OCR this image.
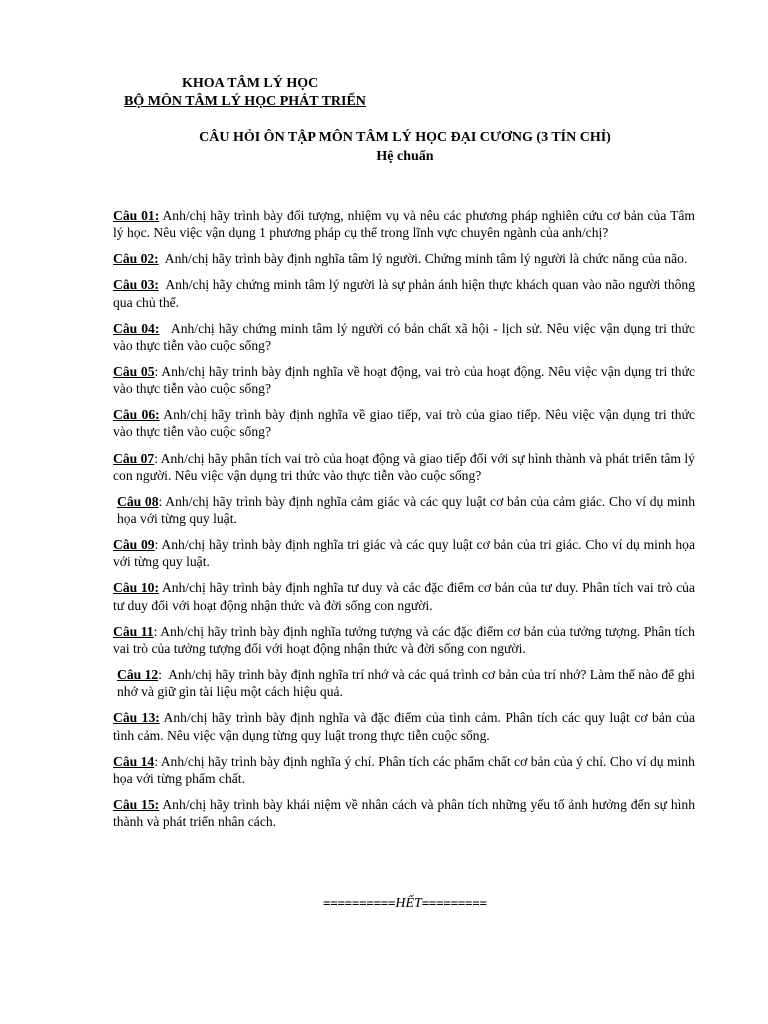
KHOA TÂM LÝ HỌC
BỘ MÔN TÂM LÝ HỌC PHÁT TRIỂN
CÂU HỎI ÔN TẬP MÔN TÂM LÝ HỌC ĐẠI CƯƠNG (3 TÍN CHỈ)
Hệ chuẩn

Câu 01: Anh/chị hãy trình bày đối tượng, nhiệm vụ và nêu các phương pháp nghiên cứu cơ bản của Tâm lý học. Nêu việc vận dụng 1 phương pháp cụ thể trong lĩnh vực chuyên ngành của anh/chị?

Câu 02: Anh/chị hãy trình bày định nghĩa tâm lý người. Chứng minh tâm lý người là chức năng của não.

Câu 03: Anh/chị hãy chứng minh tâm lý người là sự phản ánh hiện thực khách quan vào não người thông qua chủ thể.

Câu 04: Anh/chị hãy chứng minh tâm lý người có bản chất xã hội - lịch sử. Nêu việc vận dụng tri thức vào thực tiễn vào cuộc sống?

Câu 05: Anh/chị hãy trình bày định nghĩa về hoạt động, vai trò của hoạt động. Nêu việc vận dụng tri thức vào thực tiễn vào cuộc sống?

Câu 06: Anh/chị hãy trình bày định nghĩa về giao tiếp, vai trò của giao tiếp. Nêu việc vận dụng tri thức vào thực tiễn vào cuộc sống?

Câu 07: Anh/chị hãy phân tích vai trò của hoạt động và giao tiếp đối với sự hình thành và phát triển tâm lý con người. Nêu việc vận dụng tri thức vào thực tiễn vào cuộc sống?

Câu 08: Anh/chị hãy trình bày định nghĩa cảm giác và các quy luật cơ bản của cảm giác. Cho ví dụ minh họa với từng quy luật.

Câu 09: Anh/chị hãy trình bày định nghĩa tri giác và các quy luật cơ bản của tri giác. Cho ví dụ minh họa với từng quy luật.

Câu 10: Anh/chị hãy trình bày định nghĩa tư duy và các đặc điểm cơ bản của tư duy. Phân tích vai trò của tư duy đối với hoạt động nhận thức và đời sống con người.

Câu 11: Anh/chị hãy trình bày định nghĩa tưởng tượng và các đặc điểm cơ bản của tưởng tượng. Phân tích vai trò của tưởng tượng đối với hoạt động nhận thức và đời sống con người.

Câu 12:  Anh/chị hãy trình bày định nghĩa trí nhớ và các quá trình cơ bản của trí nhớ? Làm thế nào để ghi nhớ và giữ gìn tài liệu một cách hiệu quả.

Câu 13: Anh/chị hãy trình bày định nghĩa và đặc điểm của tình cảm. Phân tích các quy luật cơ bản của tình cảm. Nêu việc vận dụng từng quy luật trong thực tiễn cuộc sống.

Câu 14: Anh/chị hãy trình bày định nghĩa ý chí. Phân tích các phẩm chất cơ bản của ý chí. Cho ví dụ minh họa với từng phẩm chất.

Câu 15: Anh/chị hãy trình bày khái niệm về nhân cách và phân tích những yếu tố ảnh hưởng đến sự hình thành và phát triển nhân cách.

==========HẾT=========
